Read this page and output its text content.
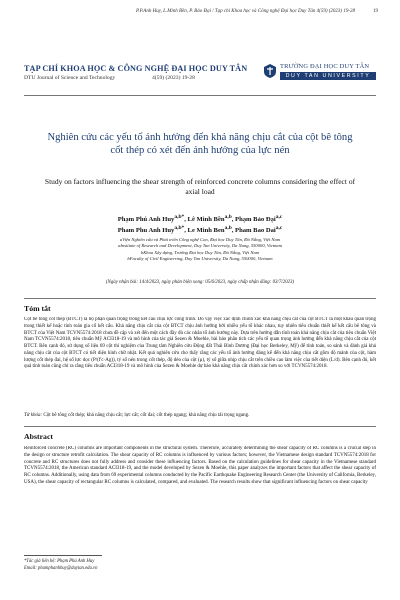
P.P.Anh Huy, L.Minh Bền, P. Bảo Đại / Tạp chí Khoa học và Công nghệ Đại học Duy Tân 4(59) (2023) 19-28	19
TẠP CHÍ KHOA HỌC & CÔNG NGHỆ ĐẠI HỌC DUY TÂN
DTU Journal of Science and Technology	4(59) (2023) 19-28
TRƯỜNG ĐẠI HỌC DUY TÂN
DUY TAN UNIVERSITY
Nghiên cứu các yếu tố ảnh hưởng đến khả năng chịu cắt của cột bê tông cốt thép có xét đến ảnh hưởng của lực nén
Study on factors influencing the shear strength of reinforced concrete columns considering the effect of axial load
Phạm Phú Anh Huy$^{a,b*}$, Lê Minh Bền$^{a,b}$, Phạm Bảo Đại$^{a,c}$
Pham Phu Anh Huy$^{a,b*}$, Le Minh Ben$^{a,b}$, Pham Bao Dai$^{a,c}$
aViện Nghiên cứu và Phát triển Công nghệ Cao, Đại học Duy Tân, Đà Nẵng, Việt Nam
aInstitute of Research and Development, Duy Tan University, Da Nang, 550000, Vietnam
bKhoa Xây dựng, Trường Đại học Duy Tân, Đà Nẵng, Việt Nam
bFaculty of Civil Engineering, Duy Tan University, Da Nang, 550000, Vietnam
(Ngày nhận bài: 14/4/2023, ngày phản biện xong: 05/6/2023, ngày chấp nhận đăng: 03/7/2023)
Tóm tắt
Cột bê tông cốt thép (BTCT) là bộ phận quan trọng trong kết cấu chịu lực công trình. Do vậy việc xác định chính xác khả năng chịu cắt của cột BTCT là một khâu quan trọng trong thiết kế hoặc tính toán gia cố kết cấu. Khả năng chịu cắt của cột BTCT chịu ảnh hưởng bởi nhiều yếu tố khác nhau, tuy nhiên tiêu chuẩn thiết kế kết cấu bê tông và BTCT của Việt Nam TCVN5574:2018 chưa đề cập và xét đến một cách đầy đủ các nhân tố ảnh hưởng này. Dựa trên hướng dẫn tính toán khả năng chịu cắt của tiêu chuẩn Việt Nam TCVN5574:2018, tiêu chuẩn Mỹ ACI318-19 và mô hình của tác giả Sezen & Moehle, bài báo phân tích các yếu tố quan trọng ảnh hưởng đến khả năng chịu cắt của cột BTCT. Bên cạnh đó, sử dụng số liệu 69 cột thí nghiệm của Trung tâm Nghiên cứu Động đất Thái Bình Dương (Đại học Berkeley, Mỹ) để tính toán, so sánh và đánh giá khả năng chịu cắt của cột BTCT có tiết diện hình chữ nhật. Kết quả nghiên cứu cho thấy rằng các yếu tố ảnh hưởng đáng kể đến khả năng chịu cắt gồm độ mảnh của cột, hàm lượng cốt thép đai, hệ số lực dọc (P/(f'c·Ag)), tỷ số nén trong cốt thép, độ dẻo của cột (μ), tỷ số giữa nhịp chịu cắt trên chiều cao làm việc của tiết diện (L/d). Bên cạnh đó, kết quả tính toán cũng chỉ ra rằng tiêu chuẩn ACI318-19 và mô hình của Sezen & Moehle dự báo khả năng chịu cắt chính xác hơn so với TCVN5574:2018.
Từ khóa: Cột bê tông cốt thép; khả năng chịu cắt; lực cắt; cốt đai; cốt thép ngang; khả năng chịu tải trọng ngang.
Abstract
Reinforced concrete (RC) columns are important components in the structural system. Therefore, accurately determining the shear capacity of RC columns is a crucial step in the design or structure retrofit calculation. The shear capacity of RC columns is influenced by various factors; however, the Vietnamese design standard TCVN5574:2018 for concrete and RC structures does not fully address and consider these influencing factors. Based on the calculation guidelines for shear capacity in the Vietnamese standard TCVN5574:2018, the American standard ACI318-19, and the model developed by Sezen & Moehle, this paper analyzes the important factors that affect the shear capacity of RC columns. Additionally, using data from 69 experimental columns conducted by the Pacific Earthquake Engineering Research Center (the University of California, Berkeley, USA), the shear capacity of rectangular RC columns is calculated, compared, and evaluated. The research results show that significant influencing factors on shear capacity
*Tác giả liên hệ: Phạm Phú Anh Huy
Email: phamphanhhuy@duytan.edu.vn
